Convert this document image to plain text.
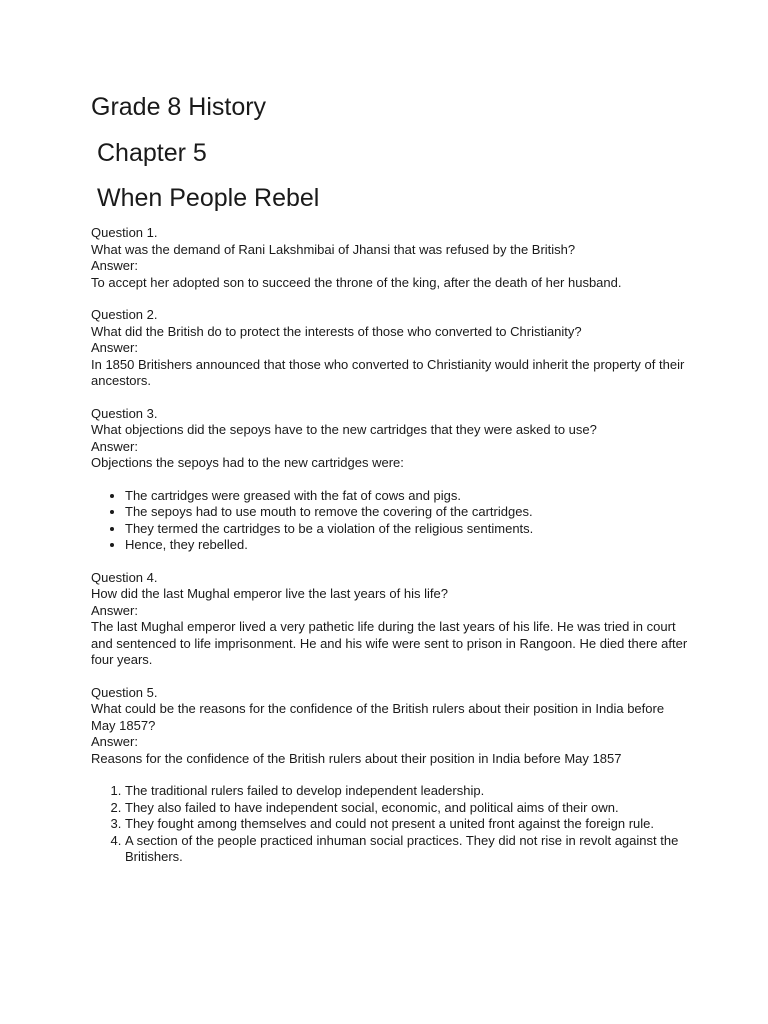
Grade 8 History
Chapter 5
When People Rebel

Question 1.

What was the demand of Rani Lakshmibai of Jhansi that was refused by the British?

Answer:

To accept her adopted son to succeed the throne of the king, after the death of her husband.

Question 2.

What did the British do to protect the interests of those who converted to Christianity?

Answer:

In 1850 Britishers announced that those who converted to Christianity would inherit the property of their ancestors.

Question 3.

What objections did the sepoys have to the new cartridges that they were asked to use?

Answer:

Objections the sepoys had to the new cartridges were:

• The cartridges were greased with the fat of cows and pigs.
• The sepoys had to use mouth to remove the covering of the cartridges.
• They termed the cartridges to be a violation of the religious sentiments.
• Hence, they rebelled.

Question 4.

How did the last Mughal emperor live the last years of his life?

Answer:

The last Mughal emperor lived a very pathetic life during the last years of his life. He was tried in court and sentenced to life imprisonment. He and his wife were sent to prison in Rangoon. He died there after four years.

Question 5.

What could be the reasons for the confidence of the British rulers about their position in India before May 1857?

Answer:

Reasons for the confidence of the British rulers about their position in India before May 1857

1. The traditional rulers failed to develop independent leadership.
2. They also failed to have independent social, economic, and political aims of their own.
3. They fought among themselves and could not present a united front against the foreign rule.
4. A section of the people practiced inhuman social practices. They did not rise in revolt against the Britishers.
